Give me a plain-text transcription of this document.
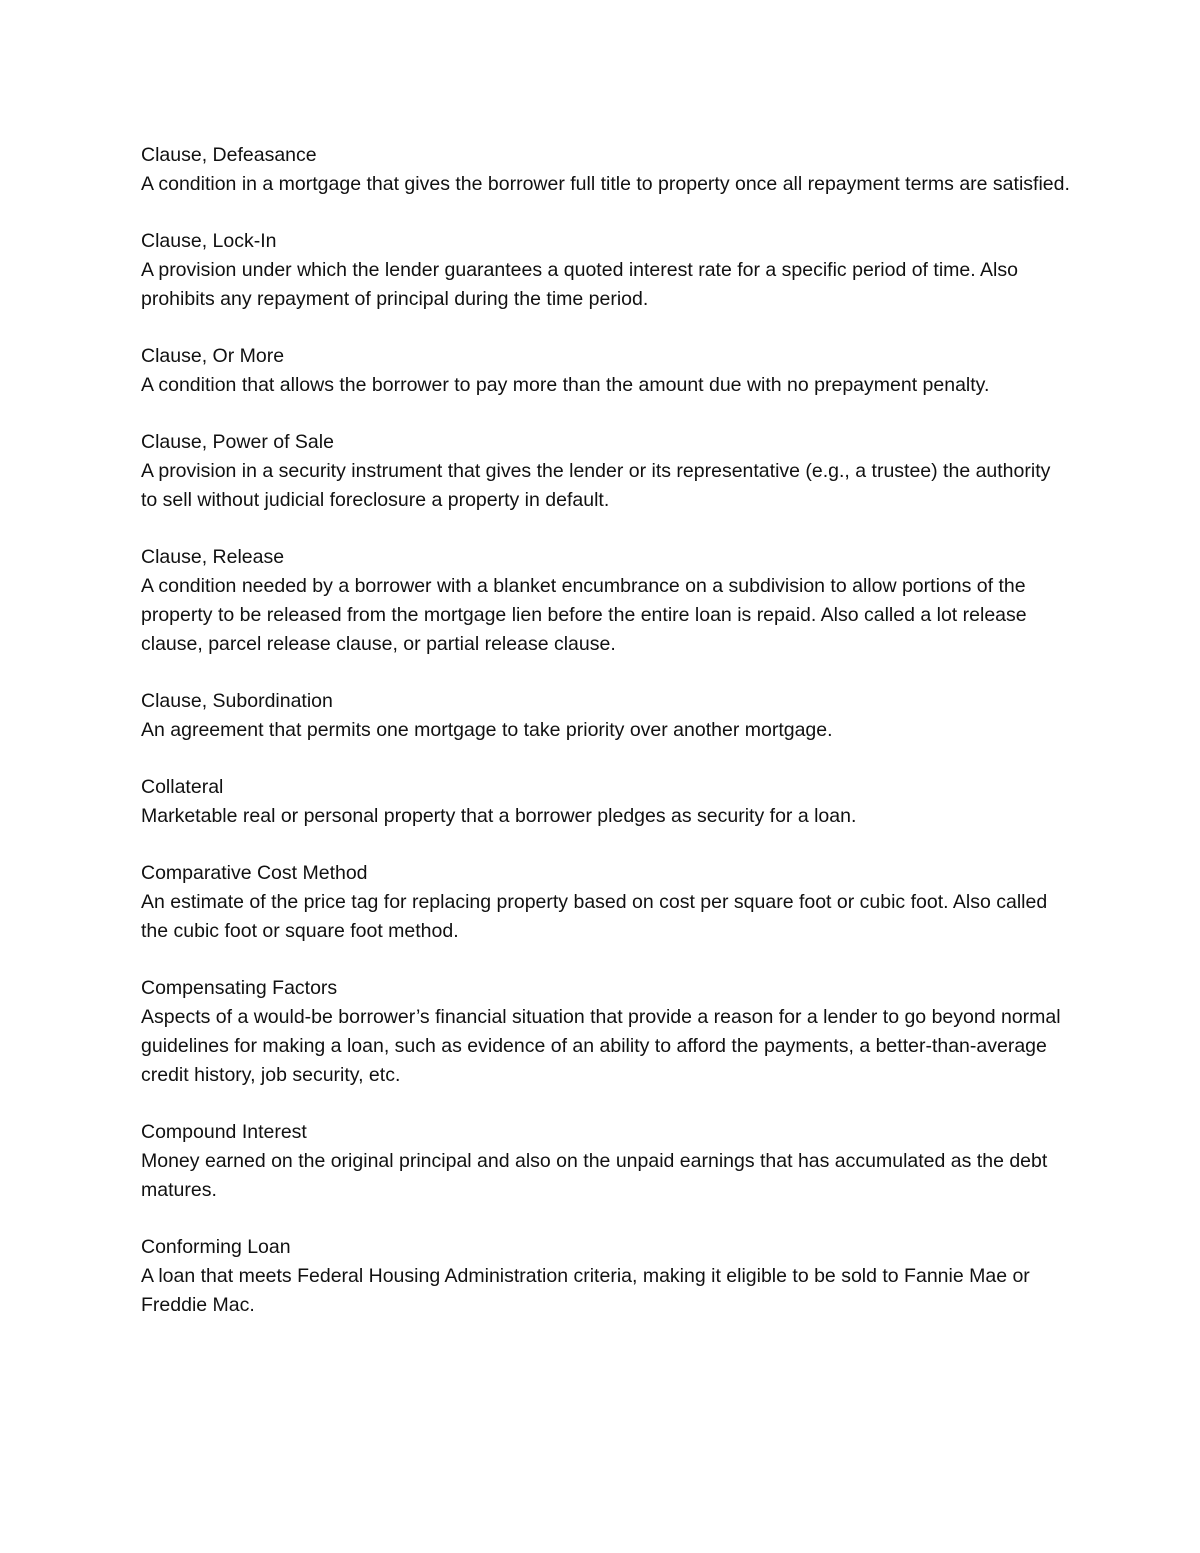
Clause, Defeasance
A condition in a mortgage that gives the borrower full title to property once all repayment terms are satisfied.
Clause, Lock-In
A provision under which the lender guarantees a quoted interest rate for a specific period of time. Also prohibits any repayment of principal during the time period.
Clause, Or More
A condition that allows the borrower to pay more than the amount due with no prepayment penalty.
Clause, Power of Sale
A provision in a security instrument that gives the lender or its representative (e.g., a trustee) the authority to sell without judicial foreclosure a property in default.
Clause, Release
A condition needed by a borrower with a blanket encumbrance on a subdivision to allow portions of the property to be released from the mortgage lien before the entire loan is repaid. Also called a lot release clause, parcel release clause, or partial release clause.
Clause, Subordination
An agreement that permits one mortgage to take priority over another mortgage.
Collateral
Marketable real or personal property that a borrower pledges as security for a loan.
Comparative Cost Method
An estimate of the price tag for replacing property based on cost per square foot or cubic foot. Also called the cubic foot or square foot method.
Compensating Factors
Aspects of a would-be borrower’s financial situation that provide a reason for a lender to go beyond normal guidelines for making a loan, such as evidence of an ability to afford the payments, a better-than-average credit history, job security, etc.
Compound Interest
Money earned on the original principal and also on the unpaid earnings that has accumulated as the debt matures.
Conforming Loan
A loan that meets Federal Housing Administration criteria, making it eligible to be sold to Fannie Mae or Freddie Mac.
